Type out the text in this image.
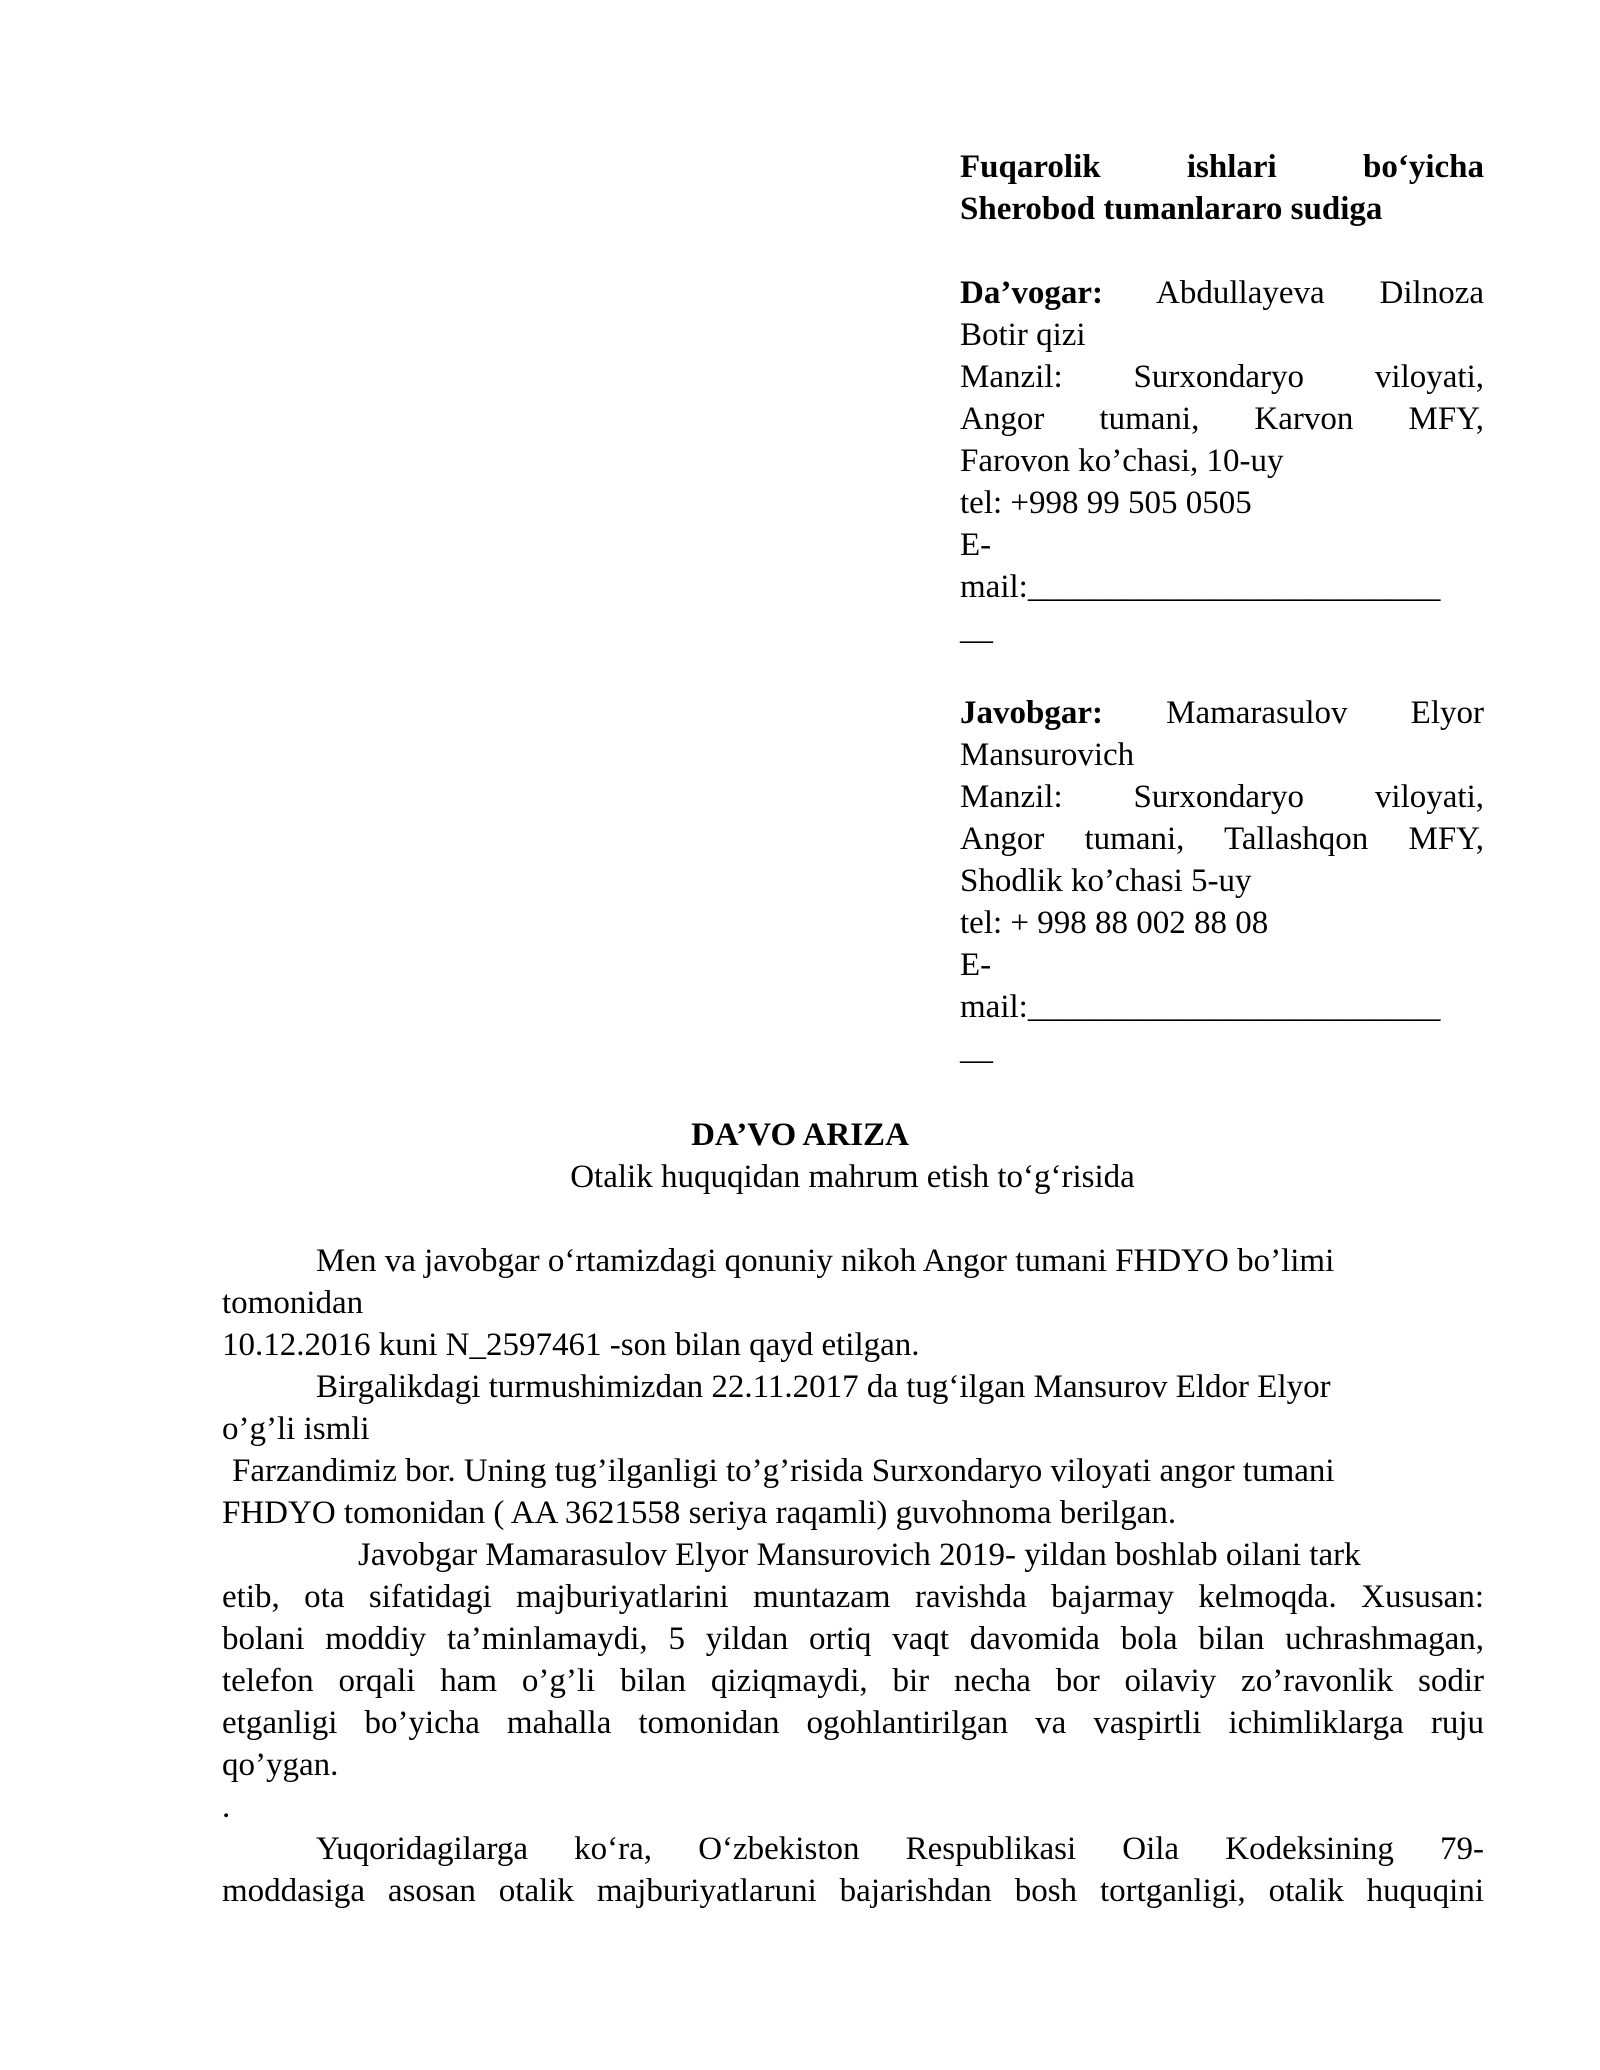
Fuqarolik	ishlari	bo‘yicha
Sherobod tumanlararo sudiga
Da’vogar: Abdullayeva Dilnoza
Botir qizi
Manzil: Surxondaryo viloyati,
Angor tumani, Karvon MFY,
Farovon ko’chasi, 10-uy
tel: +998 99 505 0505
E-
mail:_________________________
__
Javobgar: Mamarasulov Elyor
Mansurovich
Manzil: Surxondaryo viloyati,
Angor tumani, Tallashqon MFY,
Shodlik ko’chasi 5-uy
tel: + 998 88 002 88 08
E-
mail:_________________________
__
DA’VO ARIZA
Otalik huquqidan mahrum etish to‘g‘risida
Men va javobgar o‘rtamizdagi qonuniy nikoh Angor tumani FHDYO bo’limi
tomonidan
10.12.2016 kuni N_2597461 -son bilan qayd etilgan.
Birgalikdagi turmushimizdan 22.11.2017 da tug‘ilgan Mansurov Eldor Elyor
o’g’li ismli
Farzandimiz bor. Uning tug’ilganligi to’g’risida Surxondaryo viloyati angor tumani
FHDYO tomonidan ( AA 3621558 seriya raqamli) guvohnoma berilgan.
Javobgar Mamarasulov Elyor Mansurovich 2019- yildan boshlab oilani tark
etib, ota sifatidagi majburiyatlarini muntazam ravishda bajarmay kelmoqda. Xususan:
bolani moddiy ta’minlamaydi, 5 yildan ortiq vaqt davomida bola bilan uchrashmagan,
telefon orqali ham o’g’li bilan qiziqmaydi, bir necha bor oilaviy zo’ravonlik sodir
etganligi bo’yicha mahalla tomonidan ogohlantirilgan va vaspirtli ichimliklarga ruju
qo’ygan.
.
Yuqoridagilarga ko‘ra, O‘zbekiston Respublikasi Oila Kodeksining 79-
moddasiga asosan otalik majburiyatlaruni bajarishdan bosh tortganligi, otalik huquqini
